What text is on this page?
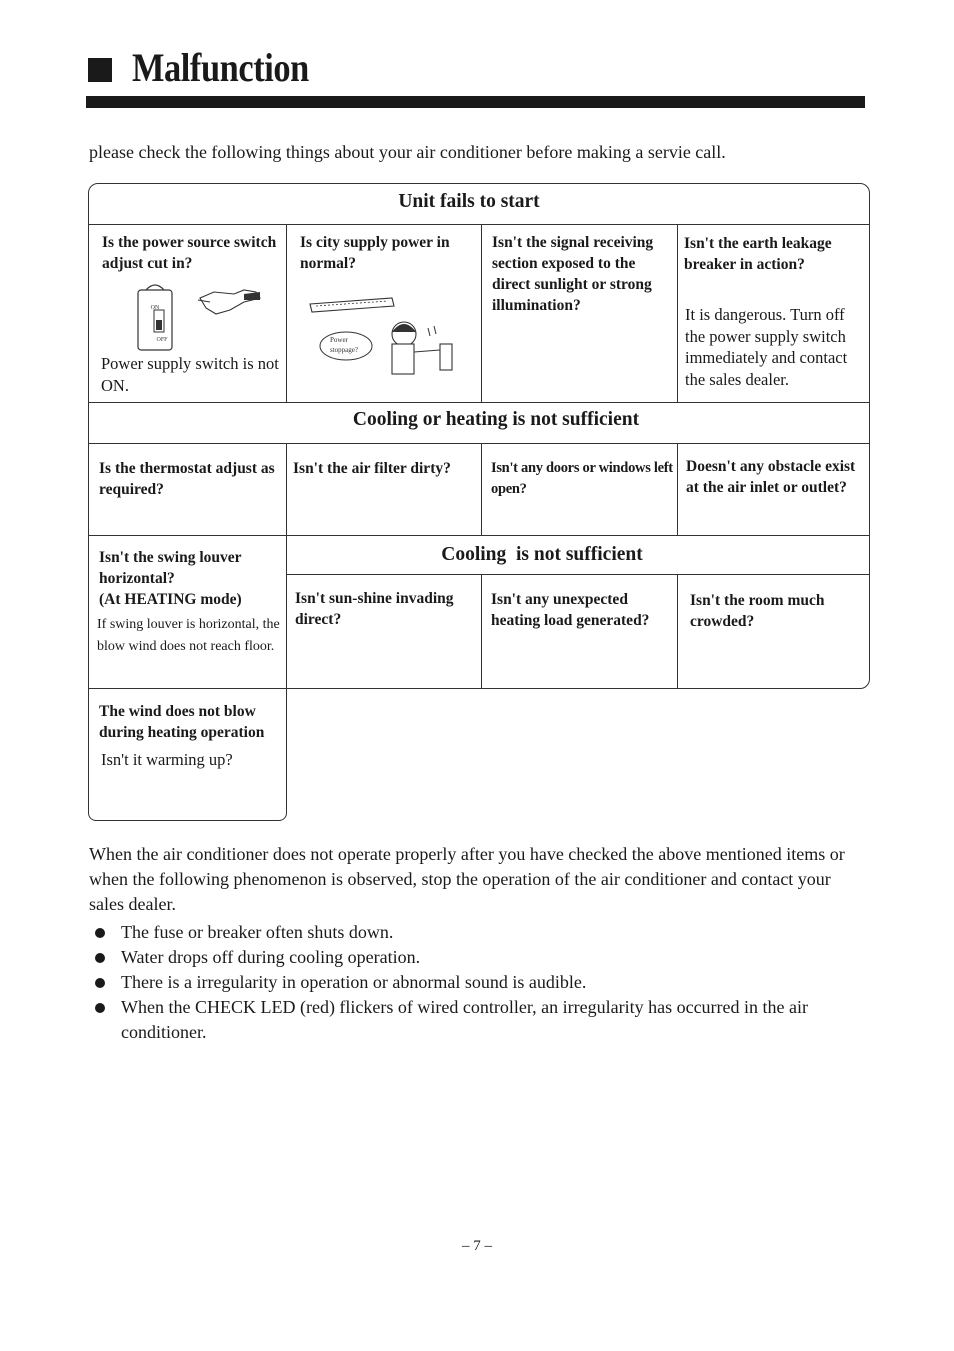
Malfunction
please check the following things about your air conditioner before making a servie call.
Unit fails to start
Is the power source switch adjust cut in?
ON
OFF
Power supply switch is not ON.
Is city supply power in normal?
Power
stoppage?
Isn't the signal receiving section exposed to the direct sunlight or strong illumination?
Isn't the earth leakage breaker in action?
It is dangerous. Turn off the power supply switch immediately and contact the sales dealer.
Cooling or heating is not sufficient
Is the thermostat adjust as required?
Isn't the air filter dirty?	Isn't any doors or windows left open?
Doesn't any obstacle exist at the air inlet or outlet?
Isn't the swing louver horizontal?
(At HEATING mode)
If swing louver is horizontal, the blow wind does not reach floor.
Cooling  is not sufficient
Isn't sun-shine invading direct?
Isn't any unexpected heating load generated?
Isn't the room much crowded?
The wind does not blow during heating operation
Isn't it warming up?
When the air conditioner does not operate properly after you have checked the above mentioned items or when the following phenomenon is observed, stop the operation of the air conditioner and contact your sales dealer.
The fuse or breaker often shuts down.
Water drops off during cooling operation.
There is a irregularity in operation or abnormal sound is audible.
When the CHECK LED (red) flickers of wired controller, an irregularity has occurred in the air conditioner.
– 7 –
